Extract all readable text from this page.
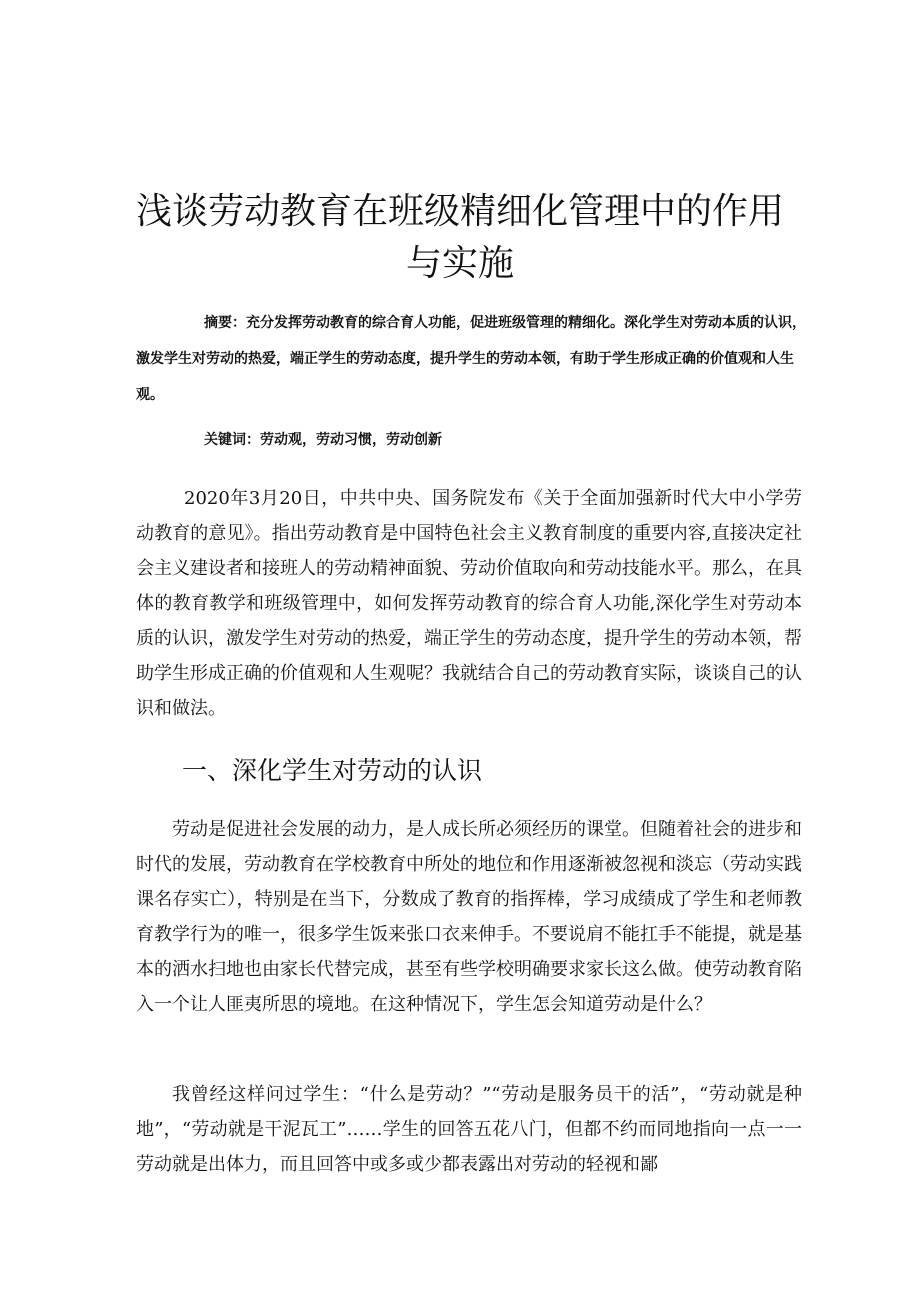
浅谈劳动教育在班级精细化管理中的作用
与实施

摘要：充分发挥劳动教育的综合育人功能，促进班级管理的精细化。深化学生对劳动本质的认识，激发学生对劳动的热爱，端正学生的劳动态度，提升学生的劳动本领，有助于学生形成正确的价值观和人生观。

关键词：劳动观，劳动习惯，劳动创新

2020年3月20日，中共中央、国务院发布《关于全面加强新时代大中小学劳动教育的意见》。指出劳动教育是中国特色社会主义教育制度的重要内容,直接决定社会主义建设者和接班人的劳动精神面貌、劳动价值取向和劳动技能水平。那么，在具体的教育教学和班级管理中，如何发挥劳动教育的综合育人功能,深化学生对劳动本质的认识，激发学生对劳动的热爱，端正学生的劳动态度，提升学生的劳动本领，帮助学生形成正确的价值观和人生观呢？我就结合自己的劳动教育实际，谈谈自己的认识和做法。

一、深化学生对劳动的认识

劳动是促进社会发展的动力，是人成长所必须经历的课堂。但随着社会的进步和时代的发展，劳动教育在学校教育中所处的地位和作用逐渐被忽视和淡忘（劳动实践课名存实亡），特别是在当下，分数成了教育的指挥棒，学习成绩成了学生和老师教育教学行为的唯一，很多学生饭来张口衣来伸手。不要说肩不能扛手不能提，就是基本的洒水扫地也由家长代替完成，甚至有些学校明确要求家长这么做。使劳动教育陷入一个让人匪夷所思的境地。在这种情况下，学生怎会知道劳动是什么？

我曾经这样问过学生：“什么是劳动？”“劳动是服务员干的活”，“劳动就是种地”，“劳动就是干泥瓦工”……学生的回答五花八门，但都不约而同地指向一点一一劳动就是出体力，而且回答中或多或少都表露出对劳动的轻视和鄙
